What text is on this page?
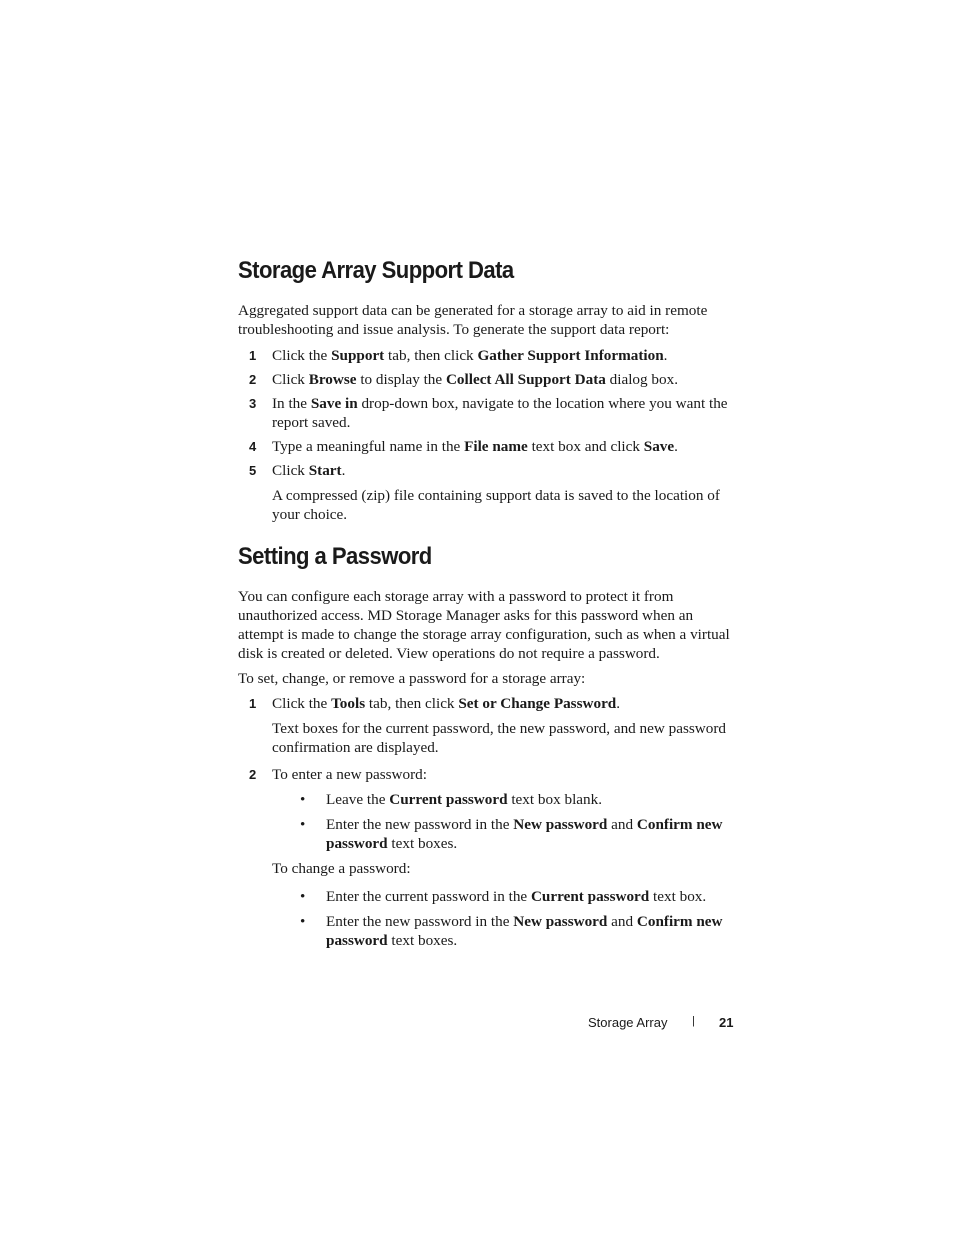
Storage Array Support Data

Aggregated support data can be generated for a storage array to aid in remote troubleshooting and issue analysis. To generate the support data report:

1 Click the Support tab, then click Gather Support Information.
2 Click Browse to display the Collect All Support Data dialog box.
3 In the Save in drop-down box, navigate to the location where you want the report saved.
4 Type a meaningful name in the File name text box and click Save.
5 Click Start.

A compressed (zip) file containing support data is saved to the location of your choice.

Setting a Password

You can configure each storage array with a password to protect it from unauthorized access. MD Storage Manager asks for this password when an attempt is made to change the storage array configuration, such as when a virtual disk is created or deleted. View operations do not require a password.

To set, change, or remove a password for a storage array:

1 Click the Tools tab, then click Set or Change Password.

Text boxes for the current password, the new password, and new password confirmation are displayed.

2 To enter a new password:
• Leave the Current password text box blank.
• Enter the new password in the New password and Confirm new password text boxes.

To change a password:

• Enter the current password in the Current password text box.
• Enter the new password in the New password and Confirm new password text boxes.
Storage Array | 21
